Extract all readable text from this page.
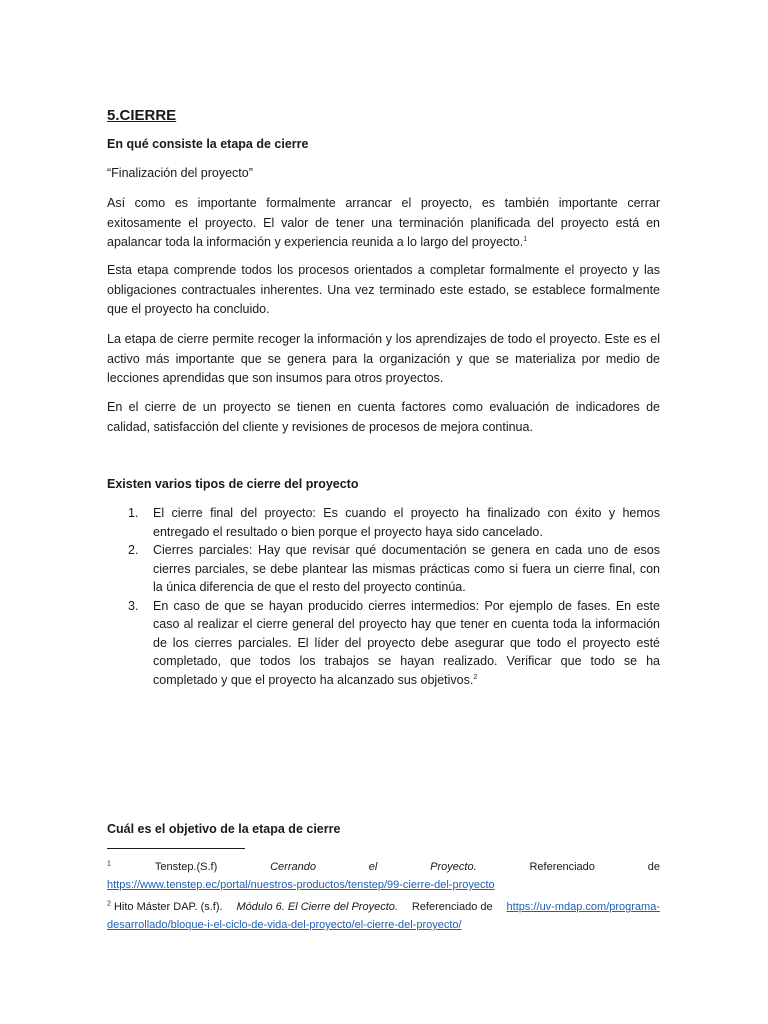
5.CIERRE
En qué consiste la etapa de cierre
“Finalización del proyecto”

Así como es importante formalmente arrancar el proyecto, es también importante cerrar exitosamente el proyecto. El valor de tener una terminación planificada del proyecto está en apalancar toda la información y experiencia reunida a lo largo del proyecto.$^1$

Esta etapa comprende todos los procesos orientados a completar formalmente el proyecto y las obligaciones contractuales inherentes. Una vez terminado este estado, se establece formalmente que el proyecto ha concluido.

La etapa de cierre permite recoger la información y los aprendizajes de todo el proyecto. Este es el activo más importante que se genera para la organización y que se materializa por medio de lecciones aprendidas que son insumos para otros proyectos.

En el cierre de un proyecto se tienen en cuenta factores como evaluación de indicadores de calidad, satisfacción del cliente y revisiones de procesos de mejora continua.

Existen varios tipos de cierre del proyecto
1. El cierre final del proyecto: Es cuando el proyecto ha finalizado con éxito y hemos entregado el resultado o bien porque el proyecto haya sido cancelado.
2. Cierres parciales: Hay que revisar qué documentación se genera en cada uno de esos cierres parciales, se debe plantear las mismas prácticas como si fuera un cierre final, con la única diferencia de que el resto del proyecto continúa.
3. En caso de que se hayan producido cierres intermedios: Por ejemplo de fases. En este caso al realizar el cierre general del proyecto hay que tener en cuenta toda la información de los cierres parciales. El líder del proyecto debe asegurar que todo el proyecto esté completado, que todos los trabajos se hayan realizado. Verificar que todo se ha completado y que el proyecto ha alcanzado sus objetivos.$^2$
Cuál es el objetivo de la etapa de cierre
$^1$	Tenstep.(S.f)	Cerrando	el	Proyecto.	Referenciado	de
https://www.tenstep.ec/portal/nuestros-productos/tenstep/99-cierre-del-proyecto
$^2$ Hito Máster DAP. (s.f). Módulo 6. El Cierre del Proyecto. Referenciado de https://uv-mdap.com/programa-
desarrollado/bloque-i-el-ciclo-de-vida-del-proyecto/el-cierre-del-proyecto/
